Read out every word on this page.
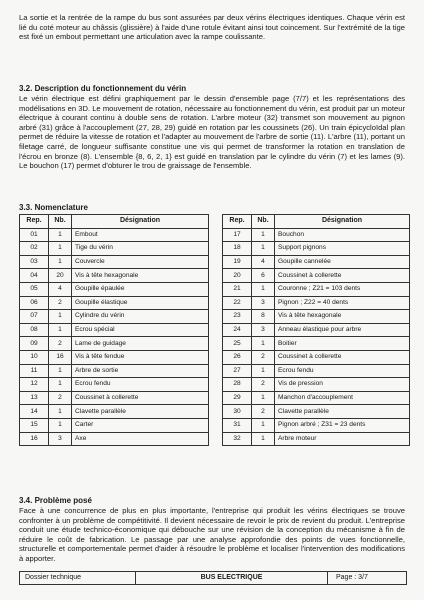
La sortie et la rentrée de la rampe du bus sont assurées par deux vérins électriques identiques. Chaque vérin est lié du coté moteur au châssis (glissière) à l'aide d'une rotule évitant ainsi tout coincement. Sur l'extrémité de la tige est fixé un embout permettant une articulation avec la rampe coulissante.

3.2. Description du fonctionnement du vérin

Le vérin électrique est défini graphiquement par le dessin d'ensemble page (7/7) et les représentations des modélisations en 3D. Le mouvement de rotation, nécessaire au fonctionnement du vérin, est produit par un moteur électrique à courant continu à double sens de rotation. L'arbre moteur (32) transmet son mouvement au pignon arbré (31) grâce à l'accouplement (27, 28, 29) guidé en rotation par les coussinets (26). Un train épicycloïdal plan permet de réduire la vitesse de rotation et l'adapter au mouvement de l'arbre de sortie (11). L'arbre (11), portant un filetage carré, de longueur suffisante constitue une vis qui permet de transformer la rotation en translation de l'écrou en bronze (8). L'ensemble {8, 6, 2, 1} est guidé en translation par le cylindre du vérin (7) et les lames (9). Le bouchon (17) permet d'obturer le trou de graissage de l'ensemble.

3.3. Nomenclature
Rep.	Nb.	Désignation
01	1	Embout
02	1	Tige du vérin
03	1	Couvercle
04	20	Vis à tête hexagonale
05	4	Goupille épaulée
06	2	Goupille élastique
07	1	Cylindre du vérin
08	1	Ecrou spécial
09	2	Lame de guidage
10	16	Vis à tête fendue
11	1	Arbre de sortie
12	1	Ecrou fendu
13	2	Coussinet à collerette
14	1	Clavette parallèle
15	1	Carter
16	3	Axe
Rep.	Nb.	Désignation
17	1	Bouchon
18	1	Support pignons
19	4	Goupille cannelée
20	6	Coussinet à collerette
21	1	Couronne ; Z21 = 103 dents
22	3	Pignon ; Z22 = 40 dents
23	8	Vis à tête hexagonale
24	3	Anneau élastique pour arbre
25	1	Boitier
26	2	Coussinet à collerette
27	1	Ecrou fendu
28	2	Vis de pression
29	1	Manchon d'accouplement
30	2	Clavette parallèle
31	1	Pignon arbré ; Z31 = 23 dents
32	1	Arbre moteur
3.4. Problème posé

Face à une concurrence de plus en plus importante, l'entreprise qui produit les vérins électriques se trouve confronter à un problème de compétitivité. Il devient nécessaire de revoir le prix de revient du produit. L'entreprise conduit une étude technico-économique qui débouche sur une révision de la conception du mécanisme à fin de réduire le coût de fabrication. Le passage par une analyse approfondie des points de vues fonctionnelle, structurelle et comportementale permet d'aider à résoudre le problème et localiser l'intervention des modifications à apporter.

Dossier technique	BUS ELECTRIQUE	Page : 3/7
